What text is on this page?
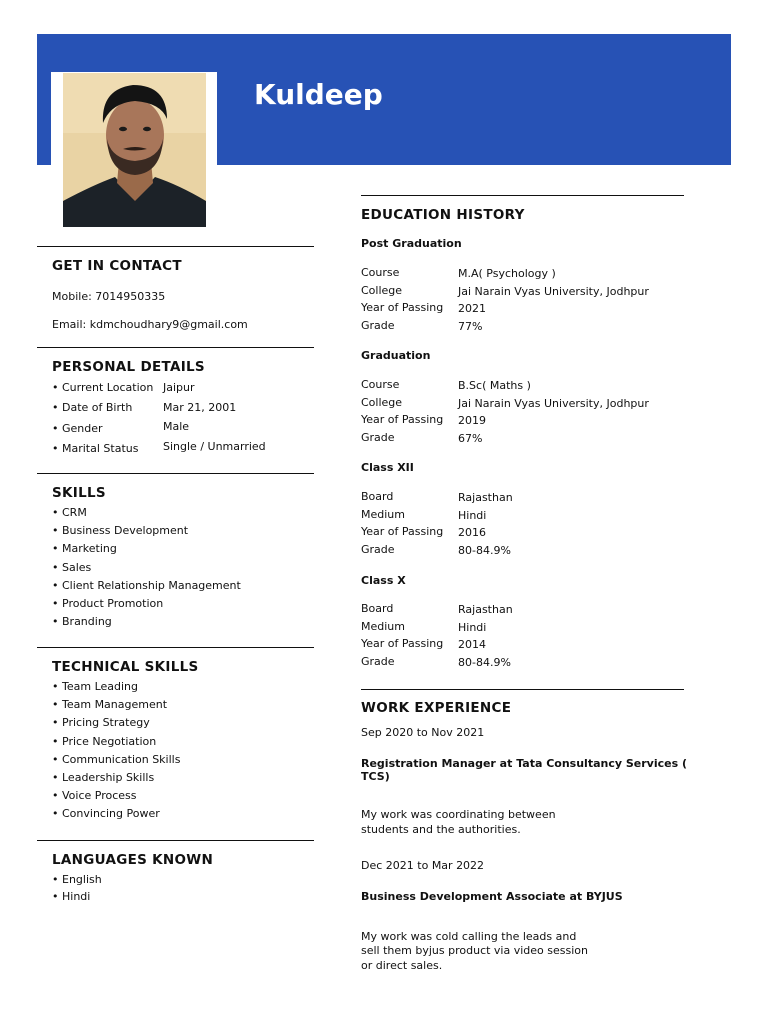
Kuldeep
GET IN CONTACT
Mobile: 7014950335
Email: kdmchoudhary9@gmail.com
PERSONAL DETAILS
• Current Location Jaipur
• Date of Birth	Mar 21, 2001
• Gender	Male
• Marital Status Single / Unmarried
SKILLS
• CRM
• Business Development
• Marketing
• Sales
• Client Relationship Management
• Product Promotion
• Branding
TECHNICAL SKILLS
• Team Leading
• Team Management
• Pricing Strategy
• Price Negotiation
• Communication Skills
• Leadership Skills
• Voice Process
• Convincing Power
LANGUAGES KNOWN
• English
• Hindi
EDUCATION HISTORY
Post Graduation
Course	M.A( Psychology )
College	Jai Narain Vyas University, Jodhpur
Year of Passing 2021
Grade	77%
Graduation
Course	B.Sc( Maths )
College	Jai Narain Vyas University, Jodhpur
Year of Passing 2019
Grade	67%
Class XII
Board	Rajasthan
Medium	Hindi
Year of Passing 2016
Grade	80-84.9%
Class X
Board	Rajasthan
Medium	Hindi
Year of Passing 2014
Grade	80-84.9%
WORK EXPERIENCE
Sep 2020 to Nov 2021
Registration Manager at Tata Consultancy Services (
TCS)
My work was coordinating between
students and the authorities.
Dec 2021 to Mar 2022
Business Development Associate at BYJUS
My work was cold calling the leads and
sell them byjus product via video session
or direct sales.
